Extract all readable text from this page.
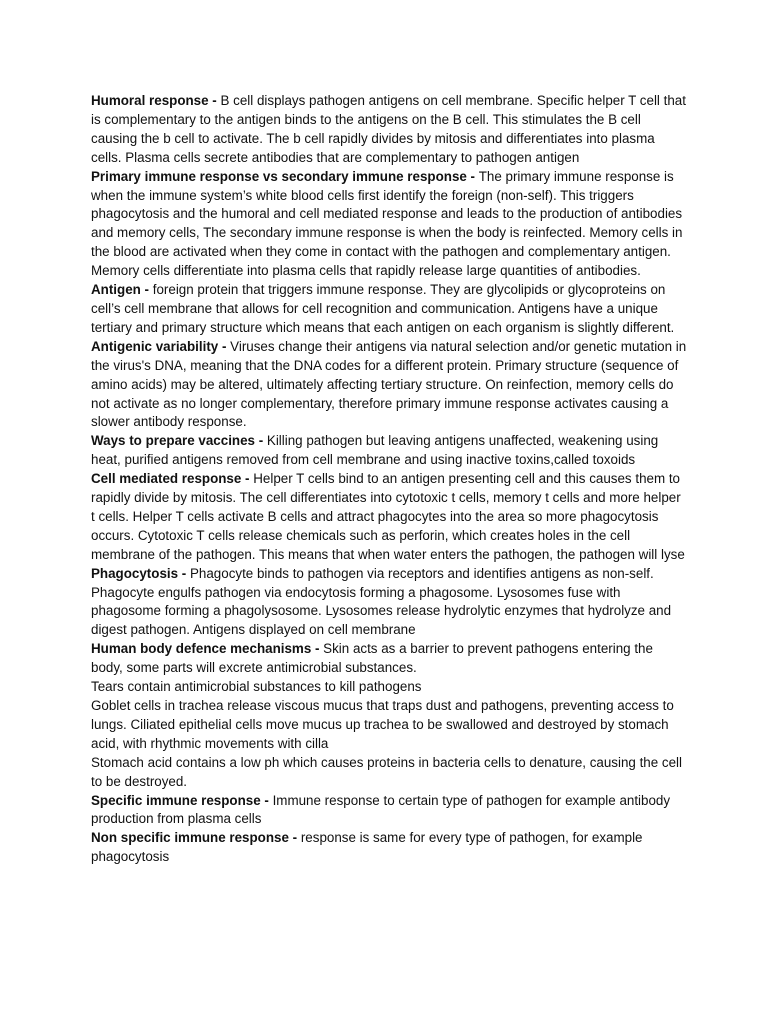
Humoral response - B cell displays pathogen antigens on cell membrane. Specific helper T cell that is complementary to the antigen binds to the antigens on the B cell. This stimulates the B cell causing the b cell to activate. The b cell rapidly divides by mitosis and differentiates into plasma cells. Plasma cells secrete antibodies that are complementary to pathogen antigen

Primary immune response vs secondary immune response - The primary immune response is when the immune system’s white blood cells first identify the foreign (non-self). This triggers phagocytosis and the humoral and cell mediated response and leads to the production of antibodies and memory cells, The secondary immune response is when the body is reinfected. Memory cells in the blood are activated when they come in contact with the pathogen and complementary antigen. Memory cells differentiate into plasma cells that rapidly release large quantities of antibodies.

Antigen - foreign protein that triggers immune response. They are glycolipids or glycoproteins on cell’s cell membrane that allows for cell recognition and communication. Antigens have a unique tertiary and primary structure which means that each antigen on each organism is slightly different.

Antigenic variability - Viruses change their antigens via natural selection and/or genetic mutation in the virus's DNA, meaning that the DNA codes for a different protein. Primary structure (sequence of amino acids) may be altered, ultimately affecting tertiary structure. On reinfection, memory cells do not activate as no longer complementary, therefore primary immune response activates causing a slower antibody response.

Ways to prepare vaccines - Killing pathogen but leaving antigens unaffected, weakening using heat, purified antigens removed from cell membrane and using inactive toxins,called toxoids

Cell mediated response - Helper T cells bind to an antigen presenting cell and this causes them to rapidly divide by mitosis. The cell differentiates into cytotoxic t cells, memory t cells and more helper t cells. Helper T cells activate B cells and attract phagocytes into the area so more phagocytosis occurs. Cytotoxic T cells release chemicals such as perforin, which creates holes in the cell membrane of the pathogen. This means that when water enters the pathogen, the pathogen will lyse

Phagocytosis - Phagocyte binds to pathogen via receptors and identifies antigens as non-self. Phagocyte engulfs pathogen via endocytosis forming a phagosome. Lysosomes fuse with phagosome forming a phagolysosome. Lysosomes release hydrolytic enzymes that hydrolyze and digest pathogen. Antigens displayed on cell membrane

Human body defence mechanisms - Skin acts as a barrier to prevent pathogens entering the body, some parts will excrete antimicrobial substances.

Tears contain antimicrobial substances to kill pathogens

Goblet cells in trachea release viscous mucus that traps dust and pathogens, preventing access to lungs. Ciliated epithelial cells move mucus up trachea to be swallowed and destroyed by stomach acid, with rhythmic movements with cilla

Stomach acid contains a low ph which causes proteins in bacteria cells to denature, causing the cell to be destroyed.

Specific immune response - Immune response to certain type of pathogen for example antibody production from plasma cells

Non specific immune response - response is same for every type of pathogen, for example phagocytosis
